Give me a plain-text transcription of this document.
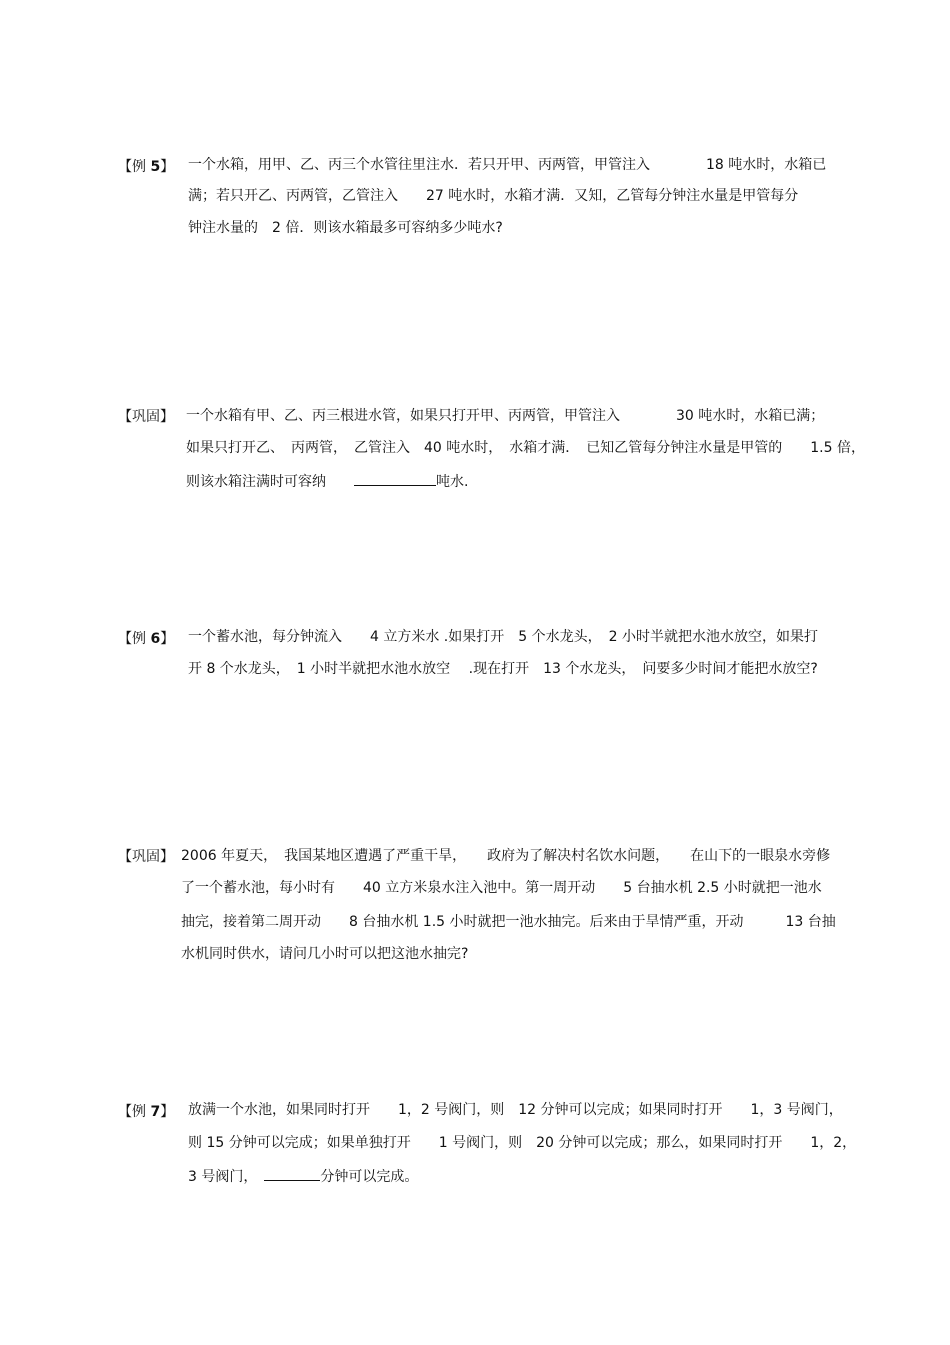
【例 5】 一个水箱，用甲、乙、丙三个水管往里注水．若只开甲、丙两管，甲管注入　　　　18 吨水时，水箱已
满；若只开乙、丙两管，乙管注入　　27 吨水时，水箱才满．又知，乙管每分钟注水量是甲管每分
钟注水量的　2 倍．则该水箱最多可容纳多少吨水?
【巩固】 一个水箱有甲、乙、丙三根进水管，如果只打开甲、丙两管，甲管注入　　　　30 吨水时，水箱已满；
如果只打开乙、　丙两管，　乙管注入　40 吨水时，　水箱才满．　已知乙管每分钟注水量是甲管的　　1.5 倍，
则该水箱注满时可容纳　　	吨水.
【例 6】 一个蓄水池，每分钟流入　　4 立方米水 .如果打开　5 个水龙头，　2 小时半就把水池水放空，如果打
开 8 个水龙头，　1 小时半就把水池水放空　 .现在打开　13 个水龙头，　问要多少时间才能把水放空?
【巩固】 2006 年夏天，　我国某地区遭遇了严重干旱，　　政府为了解决村名饮水问题，　　在山下的一眼泉水旁修
了一个蓄水池，每小时有　　40 立方米泉水注入池中。第一周开动　　5 台抽水机 2.5 小时就把一池水
抽完，接着第二周开动　　8 台抽水机 1.5 小时就把一池水抽完。后来由于旱情严重，开动　　　13 台抽
水机同时供水，请问几小时可以把这池水抽完?
【例 7】 放满一个水池，如果同时打开　　1，2 号阀门，则　12 分钟可以完成；如果同时打开　　1，3 号阀门，
则 15 分钟可以完成；如果单独打开　　1 号阀门，则　20 分钟可以完成；那么，如果同时打开　　1，2，
3 号阀门，　	分钟可以完成。
